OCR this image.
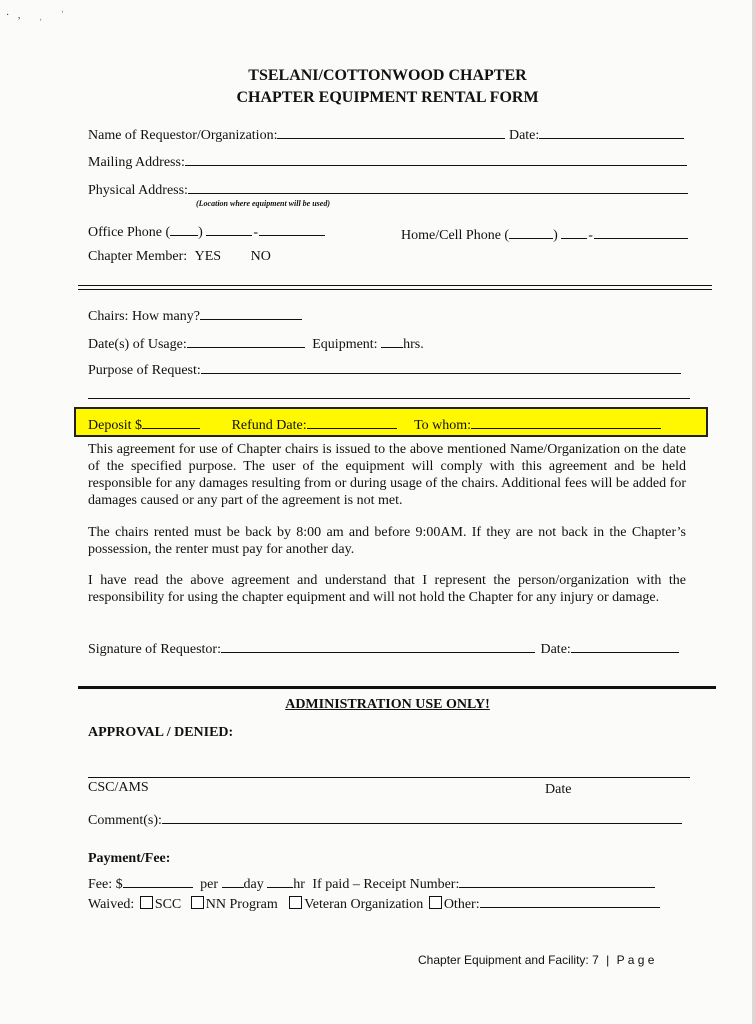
·‚ ˌ ˈ
TSELANI/COTTONWOOD CHAPTER
CHAPTER EQUIPMENT RENTAL FORM
Name of Requestor/Organization:	Date:
Mailing Address:
Physical Address:
(Location where equipment will be used)
Office Phone ( )	-	Home/Cell Phone (	) -
Chapter Member: YES NO
Chairs: How many?
Date(s) of Usage:	Equipment: hrs.
Purpose of Request:
Deposit $	Refund Date:	To whom:
This agreement for use of Chapter chairs is issued to the above mentioned Name/Organization on the date of the specified purpose. The user of the equipment will comply with this agreement and be held responsible for any damages resulting from or during usage of the chairs. Additional fees will be added for damages caused or any part of the agreement is not met.
The chairs rented must be back by 8:00 am and before 9:00AM. If they are not back in the Chapter’s possession, the renter must pay for another day.
I have read the above agreement and understand that I represent the person/organization with the responsibility for using the chapter equipment and will not hold the Chapter for any injury or damage.
Signature of Requestor:	Date:
ADMINISTRATION USE ONLY!
APPROVAL / DENIED:
CSC/AMS	Date
Comment(s):
Payment/Fee:
Fee: $	per day hr If paid – Receipt Number:
Waived: SCC NN Program Veteran Organization Other:
Chapter Equipment and Facility: 7 | P a g e
